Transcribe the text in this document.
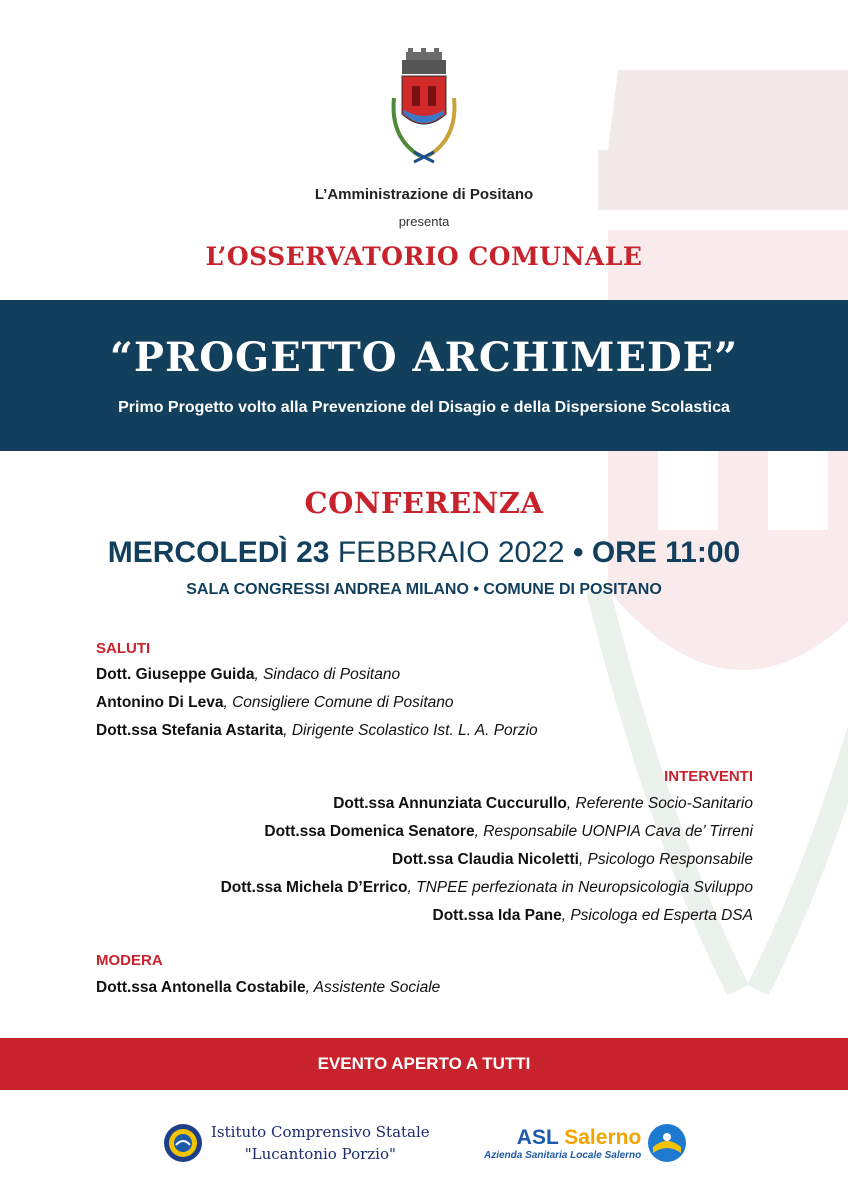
L’Amministrazione di Positano
presenta
L’OSSERVATORIO COMUNALE
“PROGETTO ARCHIMEDE”
Primo Progetto volto alla Prevenzione del Disagio e della Dispersione Scolastica
CONFERENZA
MERCOLEDÌ 23 FEBBRAIO 2022 • ORE 11:00
SALA CONGRESSI ANDREA MILANO • COMUNE DI POSITANO
SALUTI
Dott. Giuseppe Guida, Sindaco di Positano
Antonino Di Leva, Consigliere Comune di Positano
Dott.ssa Stefania Astarita, Dirigente Scolastico Ist. L. A. Porzio
INTERVENTI
Dott.ssa Annunziata Cuccurullo, Referente Socio-Sanitario
Dott.ssa Domenica Senatore, Responsabile UONPIA Cava de’ Tirreni
Dott.ssa Claudia Nicoletti, Psicologo Responsabile
Dott.ssa Michela D’Errico, TNPEE perfezionata in Neuropsicologia Sviluppo
Dott.ssa Ida Pane, Psicologa ed Esperta DSA
MODERA
Dott.ssa Antonella Costabile, Assistente Sociale
EVENTO APERTO A TUTTI
Istituto Comprensivo Statale
"Lucantonio Porzio"
ASL Salerno
Azienda Sanitaria Locale Salerno
